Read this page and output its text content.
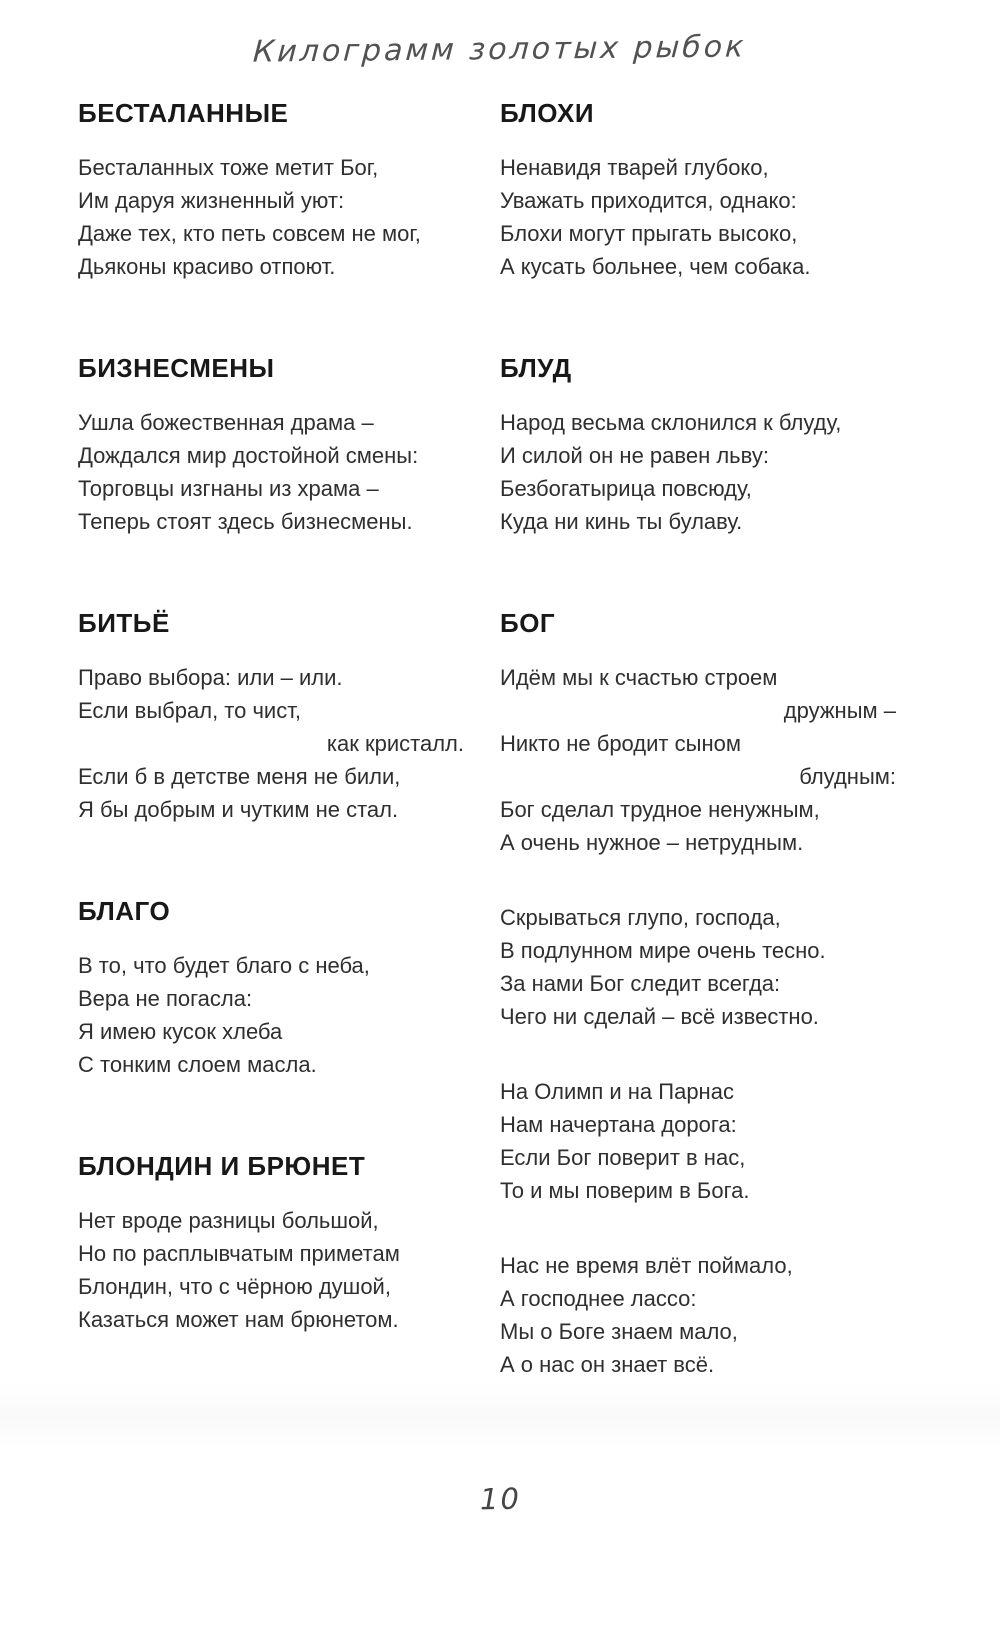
Килограмм золотых рыбок
БЕСТАЛАННЫЕ
Бесталанных тоже метит Бог,
Им даруя жизненный уют:
Даже тех, кто петь совсем не мог,
Дьяконы красиво отпоют.
БИЗНЕСМЕНЫ
Ушла божественная драма –
Дождался мир достойной смены:
Торговцы изгнаны из храма –
Теперь стоят здесь бизнесмены.
БИТЬЁ
Право выбора: или – или.
Если выбрал, то чист,
как кристалл.
Если б в детстве меня не били,
Я бы добрым и чутким не стал.
БЛАГО
В то, что будет благо с неба,
Вера не погасла:
Я имею кусок хлеба
С тонким слоем масла.
БЛОНДИН И БРЮНЕТ
Нет вроде разницы большой,
Но по расплывчатым приметам
Блондин, что с чёрною душой,
Казаться может нам брюнетом.
БЛОХИ
Ненавидя тварей глубоко,
Уважать приходится, однако:
Блохи могут прыгать высоко,
А кусать больнее, чем собака.
БЛУД
Народ весьма склонился к блуду,
И силой он не равен льву:
Безбогатырица повсюду,
Куда ни кинь ты булаву.
БОГ
Идём мы к счастью строем
дружным –
Никто не бродит сыном
блудным:
Бог сделал трудное ненужным,
А очень нужное – нетрудным.
Скрываться глупо, господа,
В подлунном мире очень тесно.
За нами Бог следит всегда:
Чего ни сделай – всё известно.
На Олимп и на Парнас
Нам начертана дорога:
Если Бог поверит в нас,
То и мы поверим в Бога.
Нас не время влёт поймало,
А господнее лассо:
Мы о Боге знаем мало,
А о нас он знает всё.
10
